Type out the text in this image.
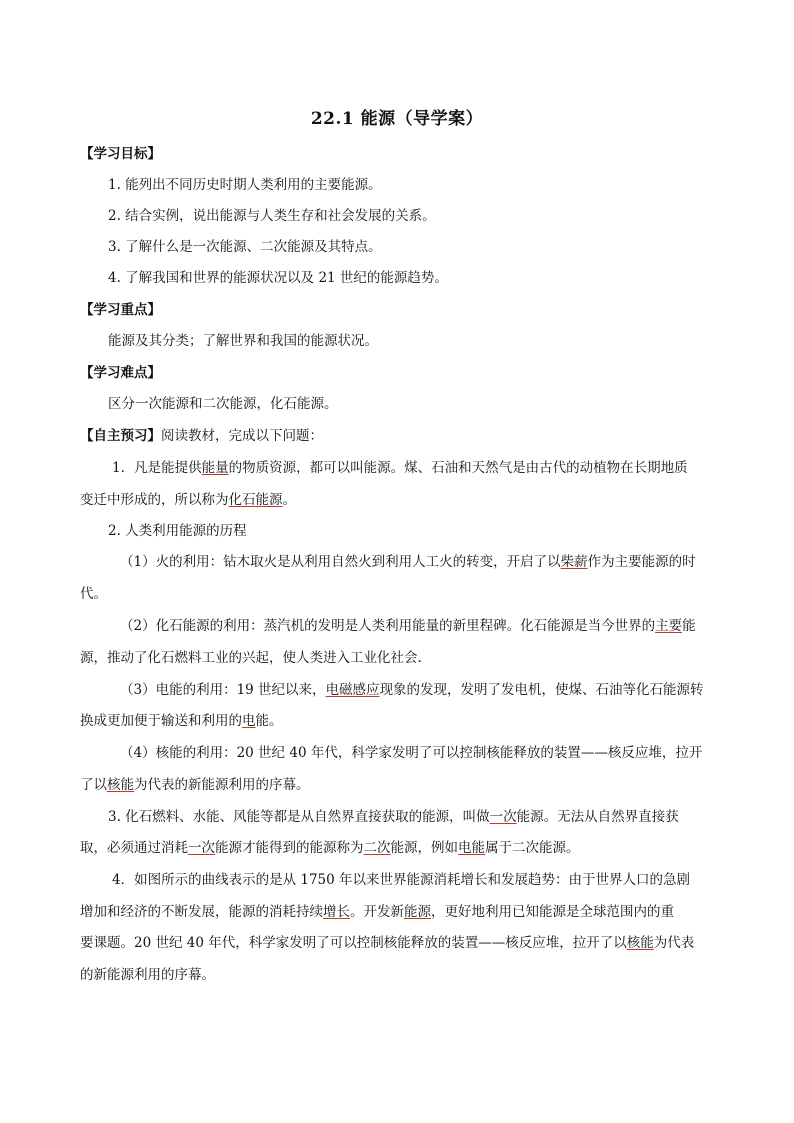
22.1 能源（导学案）
【学习目标】
1. 能列出不同历史时期人类利用的主要能源。
2. 结合实例，说出能源与人类生存和社会发展的关系。
3. 了解什么是一次能源、二次能源及其特点。
4. 了解我国和世界的能源状况以及 21 世纪的能源趋势。
【学习重点】
能源及其分类；了解世界和我国的能源状况。
【学习难点】
区分一次能源和二次能源，化石能源。
【自主预习】阅读教材，完成以下问题：
1．凡是能提供能量的物质资源，都可以叫能源。煤、石油和天然气是由古代的动植物在长期地质
变迁中形成的，所以称为化石能源。
2. 人类利用能源的历程
（1）火的利用：钻木取火是从利用自然火到利用人工火的转变，开启了以柴薪作为主要能源的时
代。
（2）化石能源的利用：蒸汽机的发明是人类利用能量的新里程碑。化石能源是当今世界的主要能
源，推动了化石燃料工业的兴起，使人类进入工业化社会.
（3）电能的利用：19 世纪以来，电磁感应现象的发现，发明了发电机，使煤、石油等化石能源转
换成更加便于输送和利用的电能。
（4）核能的利用：20 世纪 40 年代，科学家发明了可以控制核能释放的装置——核反应堆，拉开
了以核能为代表的新能源利用的序幕。
3. 化石燃料、水能、风能等都是从自然界直接获取的能源，叫做一次能源。无法从自然界直接获
取，必须通过消耗一次能源才能得到的能源称为二次能源，例如电能属于二次能源。
4．如图所示的曲线表示的是从 1750 年以来世界能源消耗增长和发展趋势：由于世界人口的急剧
增加和经济的不断发展，能源的消耗持续增长。开发新能源，更好地利用已知能源是全球范围内的重
要课题。20 世纪 40 年代，科学家发明了可以控制核能释放的装置——核反应堆，拉开了以核能为代表
的新能源利用的序幕。
